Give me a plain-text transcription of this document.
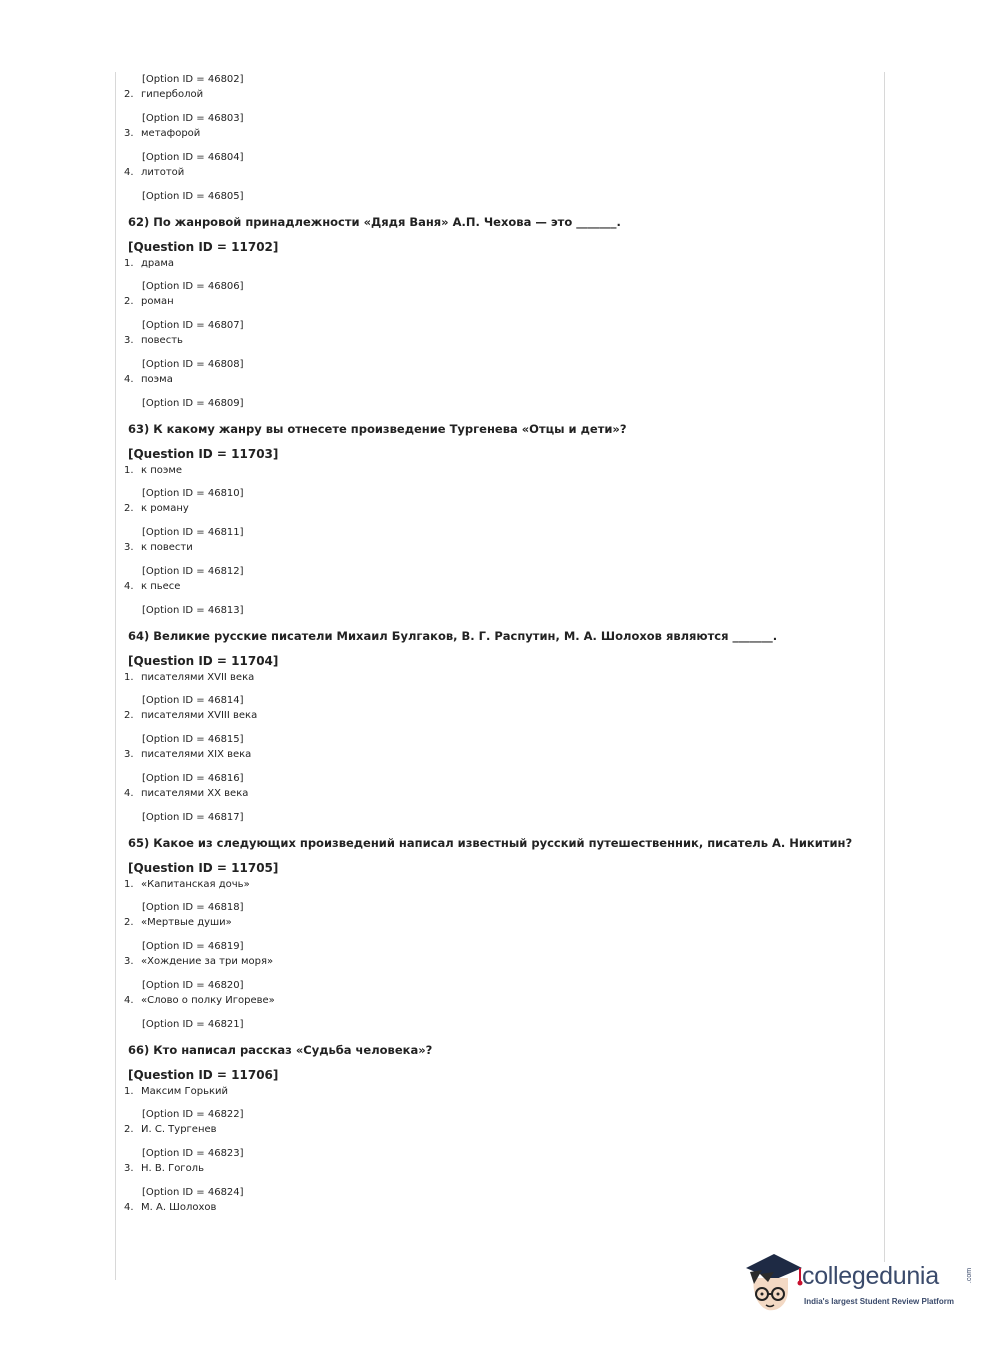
[Option ID = 46802]
2. гиперболой
[Option ID = 46803]
3. метафорой
[Option ID = 46804]
4. литотой
[Option ID = 46805]
62) По жанровой принадлежности «Дядя Ваня» А.П. Чехова — это _______.
[Question ID = 11702]
1. драма
[Option ID = 46806]
2. роман
[Option ID = 46807]
3. повесть
[Option ID = 46808]
4. поэма
[Option ID = 46809]
63) К какому жанру вы отнесете произведение Тургенева «Отцы и дети»?
[Question ID = 11703]
1. к поэме
[Option ID = 46810]
2. к роману
[Option ID = 46811]
3. к повести
[Option ID = 46812]
4. к пьесе
[Option ID = 46813]
64) Великие русские писатели Михаил Булгаков, В. Г. Распутин, М. А. Шолохов являются _______.
[Question ID = 11704]
1. писателями XVII века
[Option ID = 46814]
2. писателями XVIII века
[Option ID = 46815]
3. писателями XIX века
[Option ID = 46816]
4. писателями XX века
[Option ID = 46817]
65) Какое из следующих произведений написал известный русский путешественник, писатель А. Никитин?
[Question ID = 11705]
1. «Капитанская дочь»
[Option ID = 46818]
2. «Мертвые души»
[Option ID = 46819]
3. «Хождение за три моря»
[Option ID = 46820]
4. «Слово о полку Игореве»
[Option ID = 46821]
66) Кто написал рассказ «Судьба человека»?
[Question ID = 11706]
1. Максим Горький
[Option ID = 46822]
2. И. С. Тургенев
[Option ID = 46823]
3. Н. В. Гоголь
[Option ID = 46824]
4. М. А. Шолохов
collegedunia	.com
India's largest Student Review Platform
